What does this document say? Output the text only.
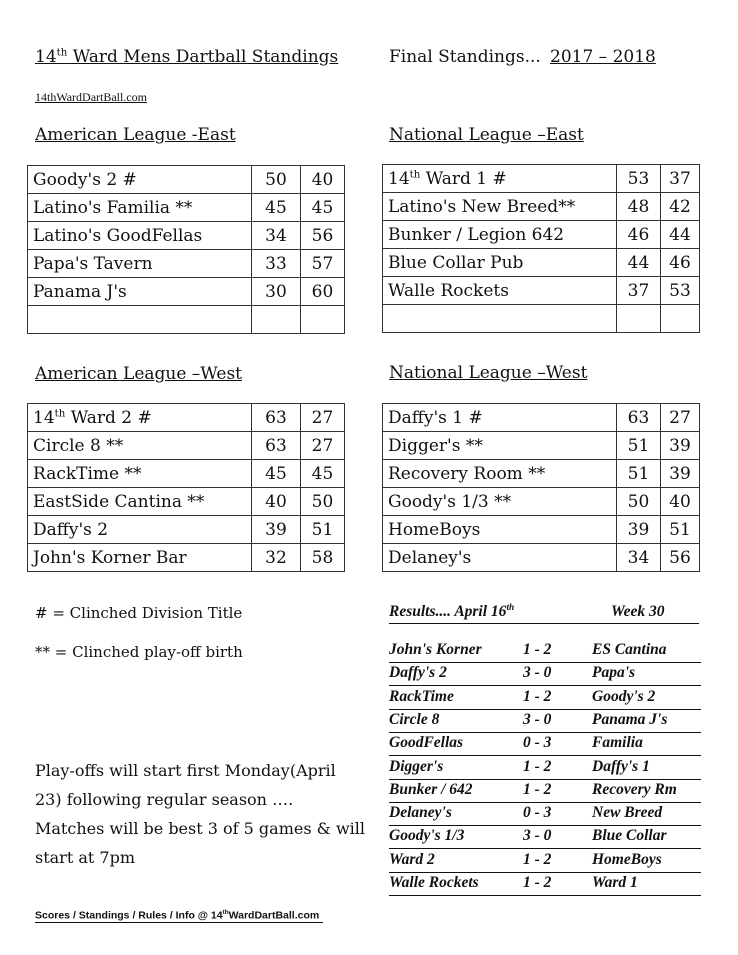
14th Ward Mens Dartball Standings	Final Standings... 2017 – 2018
14thWardDartBall.com
American League -East	National League –East
American League –West	National League –West
Goody's 2 #	50	40
Latino's Familia **	45	45
Latino's GoodFellas	34	56
Papa's Tavern	33	57
Panama J's	30	60

14th Ward 1 #	53	37
Latino's New Breed**	48	42
Bunker / Legion 642	46	44
Blue Collar Pub	44	46
Walle Rockets	37	53

14th Ward 2 #	63	27
Circle 8 **	63	27
RackTime **	45	45
EastSide Cantina **	40	50
Daffy's 2	39	51
John's Korner Bar	32	58
Daffy's 1 #	63	27
Digger's **	51	39
Recovery Room **	51	39
Goody's 1/3 **	50	40
HomeBoys	39	51
Delaney's	34	56
# = Clinched Division Title
** = Clinched play-off birth
Play-offs will start first Monday(April 23) following regular season …. Matches will be best 3 of 5 games & will start at 7pm
Results.... April 16th	Week 30
John's Korner	1 - 2	ES Cantina
Daffy's 2	3 - 0	Papa's
RackTime	1 - 2	Goody's 2
Circle 8	3 - 0	Panama J's
GoodFellas	0 - 3	Familia
Digger's	1 - 2	Daffy's 1
Bunker / 642	1 - 2	Recovery Rm
Delaney's	0 - 3	New Breed
Goody's 1/3	3 - 0	Blue Collar
Ward 2	1 - 2	HomeBoys
Walle Rockets	1 - 2	Ward 1
Scores / Standings / Rules / Info @ 14thWardDartBall.com
